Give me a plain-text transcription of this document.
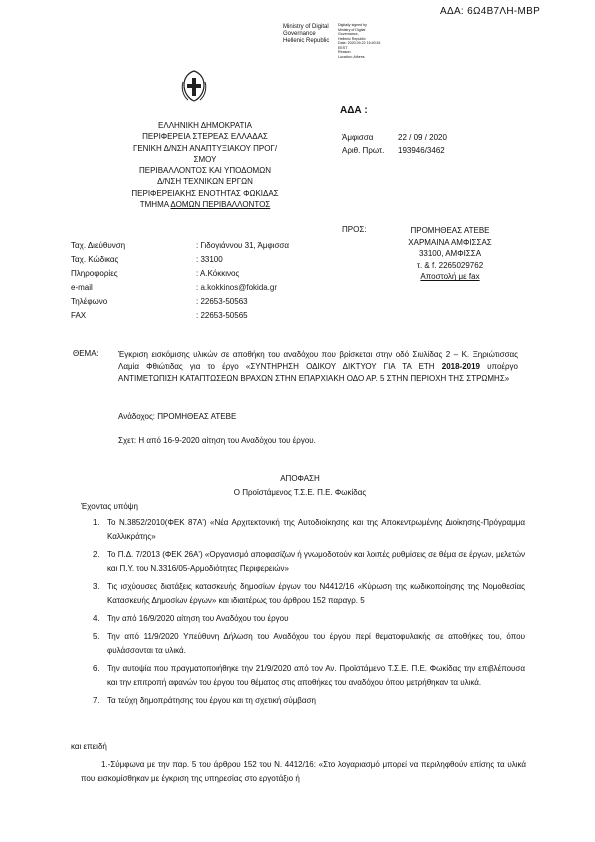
ΑΔΑ: 6Ω4Β7ΛΗ-ΜΒΡ
Ministry of Digital
Governance
Hellenic Republic
Digitally signed by
Ministry of Digital
Governance,
Hellenic Republic
Date: 2020.09.22 15:40:51
EEST
Reason:
Location: Athens
ΑΔΑ :
ΕΛΛΗΝΙΚΗ ΔΗΜΟΚΡΑΤΙΑ
ΠΕΡΙΦΕΡΕΙΑ ΣΤΕΡΕΑΣ ΕΛΛΑΔΑΣ
ΓΕΝΙΚΗ Δ/ΝΣΗ ΑΝΑΠΤΥΞΙΑΚΟΥ ΠΡΟΓ/ΣΜΟΥ
ΠΕΡΙΒΑΛΛΟΝΤΟΣ ΚΑΙ ΥΠΟΔΟΜΩΝ
Δ/ΝΣΗ ΤΕΧΝΙΚΩΝ ΕΡΓΩΝ
ΠΕΡΙΦΕΡΕΙΑΚΗΣ ΕΝΟΤΗΤΑΣ ΦΩΚΙΔΑΣ
ΤΜΗΜΑ ΔΟΜΩΝ ΠΕΡΙΒΑΛΛΟΝΤΟΣ
Άμφισσα	22 / 09 / 2020
Αριθ. Πρωτ.	193946/3462
Ταχ. Διεύθυνση	: Γιδογιάννου 31, Άμφισσα
Ταχ. Κώδικας	: 33100
Πληροφορίες	: Α.Κόκκινος
e-mail	: a.kokkinos@fokida.gr
Τηλέφωνο	: 22653-50563
FAX	: 22653-50565
ΠΡΟΣ:	ΠΡΟΜΗΘΕΑΣ ΑΤΕΒΕ
ΧΑΡΜΑΙΝΑ ΑΜΦΙΣΣΑΣ
33100, ΑΜΦΙΣΣΑ
τ. & f. 2265029762
Αποστολή με fax
ΘΕΜΑ: Έγκριση εισκόμισης υλικών σε αποθήκη του αναδόχου που βρίσκεται στην οδό Σιυλίδας 2 – Κ. Ξηριώτισσας Λαμία Φθιώτιδας για το έργο «ΣΥΝΤΗΡΗΣΗ ΟΔΙΚΟΥ ΔΙΚΤΥΟΥ ΓΙΑ ΤΑ ΕΤΗ 2018-2019 υποέργο ΑΝΤΙΜΕΤΩΠΙΣΗ ΚΑΤΑΠΤΩΣΕΩΝ ΒΡΑΧΩΝ ΣΤΗΝ ΕΠΑΡΧΙΑΚΗ ΟΔΟ ΑΡ. 5 ΣΤΗΝ ΠΕΡΙΟΧΗ ΤΗΣ ΣΤΡΩΜΗΣ»
Ανάδοχος: ΠΡΟΜΗΘΕΑΣ ΑΤΕΒΕ
Σχετ: Η από 16-9-2020 αίτηση του Αναδόχου του έργου.
ΑΠΟΦΑΣΗ
Ο Προϊστάμενος Τ.Σ.Ε. Π.Ε. Φωκίδας
Έχοντας υπόψη
1. Το Ν.3852/2010(ΦΕΚ 87Α') «Νέα Αρχιτεκτονική της Αυτοδιοίκησης και της Αποκεντρωμένης Διοίκησης-Πρόγραμμα Καλλικράτης»
2. Το Π.Δ. 7/2013 (ΦΕΚ 26Α') «Οργανισμό αποφασίζων ή γνωμοδοτούν και λοιπές ρυθμίσεις σε θέμα σε έργων, μελετών και Π.Υ. του Ν.3316/05-Αρμοδιότητες Περιφερειών»
3. Τις ισχύουσες διατάξεις κατασκευής δημοσίων έργων του Ν4412/16 «Κύρωση της κωδικοποίησης της Νομοθεσίας Κατασκευής Δημοσίων έργων» και ιδιαιτέρως του άρθρου 152 παραγρ. 5
4. Την από 16/9/2020 αίτηση του Αναδόχου του έργου
5. Την από 11/9/2020 Υπεύθυνη Δήλωση του Αναδόχου του έργου περί θεματοφυλακής σε αποθήκες του, όπου φυλάσσονται τα υλικά.
6. Την αυτοψία που πραγματοποιήθηκε την 21/9/2020 από τον Αν. Προϊστάμενο Τ.Σ.Ε. Π.Ε. Φωκίδας την επιβλέπουσα και την επιτροπή αφανών του έργου του θέματος στις αποθήκες του αναδόχου όπου μετρήθηκαν τα υλικά.
7. Τα τεύχη δημοπράτησης του έργου και τη σχετική σύμβαση
και επειδή
1.-Σύμφωνα με την παρ. 5 του άρθρου 152 του Ν. 4412/16: «Στο λογαριασμό μπορεί να περιληφθούν επίσης τα υλικά που εισκομίσθηκαν με έγκριση της υπηρεσίας στο εργοτάξιο ή
